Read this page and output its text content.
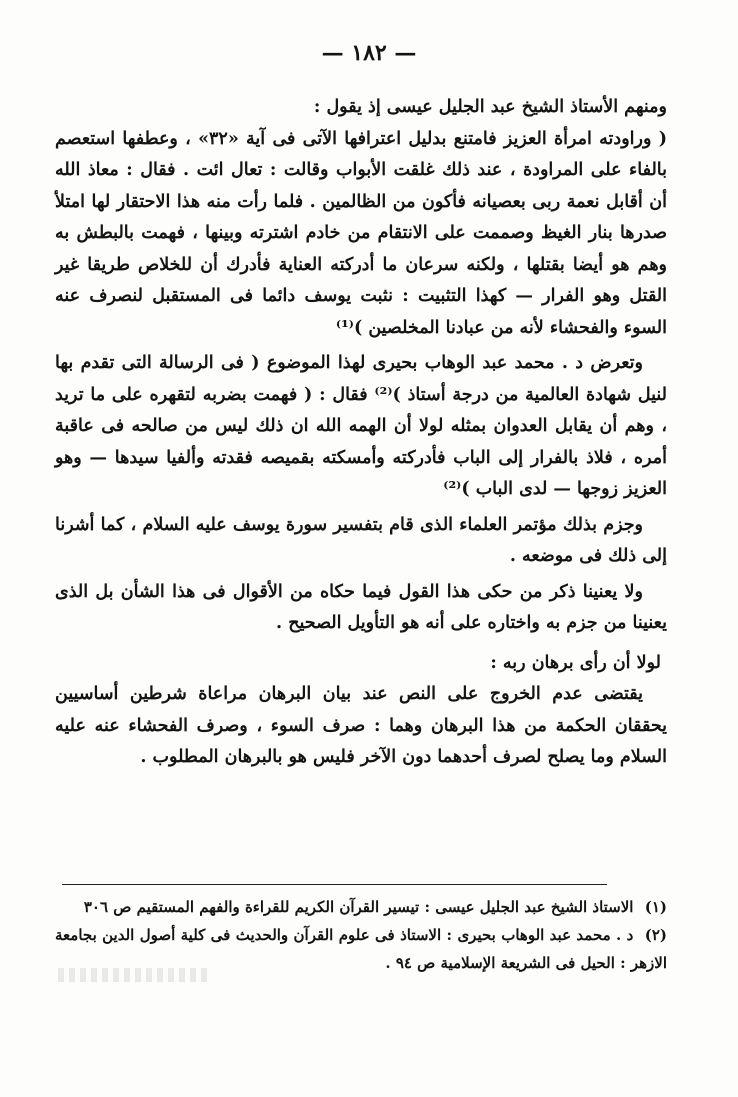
— ١٨٢ —

ومنهم الأستاذ الشيخ عبد الجليل عيسى إذ يقول :

( وراودته امرأة العزيز فامتنع بدليل اعترافها الآتى فى آية «٣٢» ، وعطفها استعصم بالفاء على المراودة ، عند ذلك غلقت الأبواب وقالت : تعال ائت . فقال : معاذ الله أن أقابل نعمة ربى بعصيانه فأكون من الظالمين . فلما رأت منه هذا الاحتقار لها امتلأ صدرها بنار الغيظ وصممت على الانتقام من خادم اشترته وبينها ، فهمت بالبطش به وهم هو أيضا بقتلها ، ولكنه سرعان ما أدركته العناية فأدرك أن للخلاص طريقا غير القتل وهو الفرار — كهذا التثبيت : نثبت يوسف دائما فى المستقبل لنصرف عنه السوء والفحشاء لأنه من عبادنا المخلصين )⁽¹⁾

وتعرض د . محمد عبد الوهاب بحيرى لهذا الموضوع ( فى الرسالة التى تقدم بها لنيل شهادة العالمية من درجة أستاذ )⁽²⁾ فقال : ( فهمت بضربه لتقهره على ما تريد ، وهم أن يقابل العدوان بمثله لولا أن الهمه الله ان ذلك ليس من صالحه فى عاقبة أمره ، فلاذ بالفرار إلى الباب فأدركته وأمسكته بقميصه فقدته وألفيا سيدها — وهو العزيز زوجها — لدى الباب )⁽²⁾

وجزم بذلك مؤتمر العلماء الذى قام بتفسير سورة يوسف عليه السلام ، كما أشرنا إلى ذلك فى موضعه .

ولا يعنينا ذكر من حكى هذا القول فيما حكاه من الأقوال فى هذا الشأن بل الذى يعنينا من جزم به واختاره على أنه هو التأويل الصحيح .

لولا أن رأى برهان ربه :

يقتضى عدم الخروج على النص عند بيان البرهان مراعاة شرطين أساسيين يحققان الحكمة من هذا البرهان وهما : صرف السوء ، وصرف الفحشاء عنه عليه السلام وما يصلح لصرف أحدهما دون الآخر فليس هو بالبرهان المطلوب .

(١) الاستاذ الشيخ عبد الجليل عيسى : تيسير القرآن الكريم للقراءة والفهم المستقيم ص ٣٠٦

(٢) د . محمد عبد الوهاب بحيرى : الاستاذ فى علوم القرآن والحديث فى كلية أصول الدين بجامعة الازهر : الحيل فى الشريعة الإسلامية ص ٩٤ .
